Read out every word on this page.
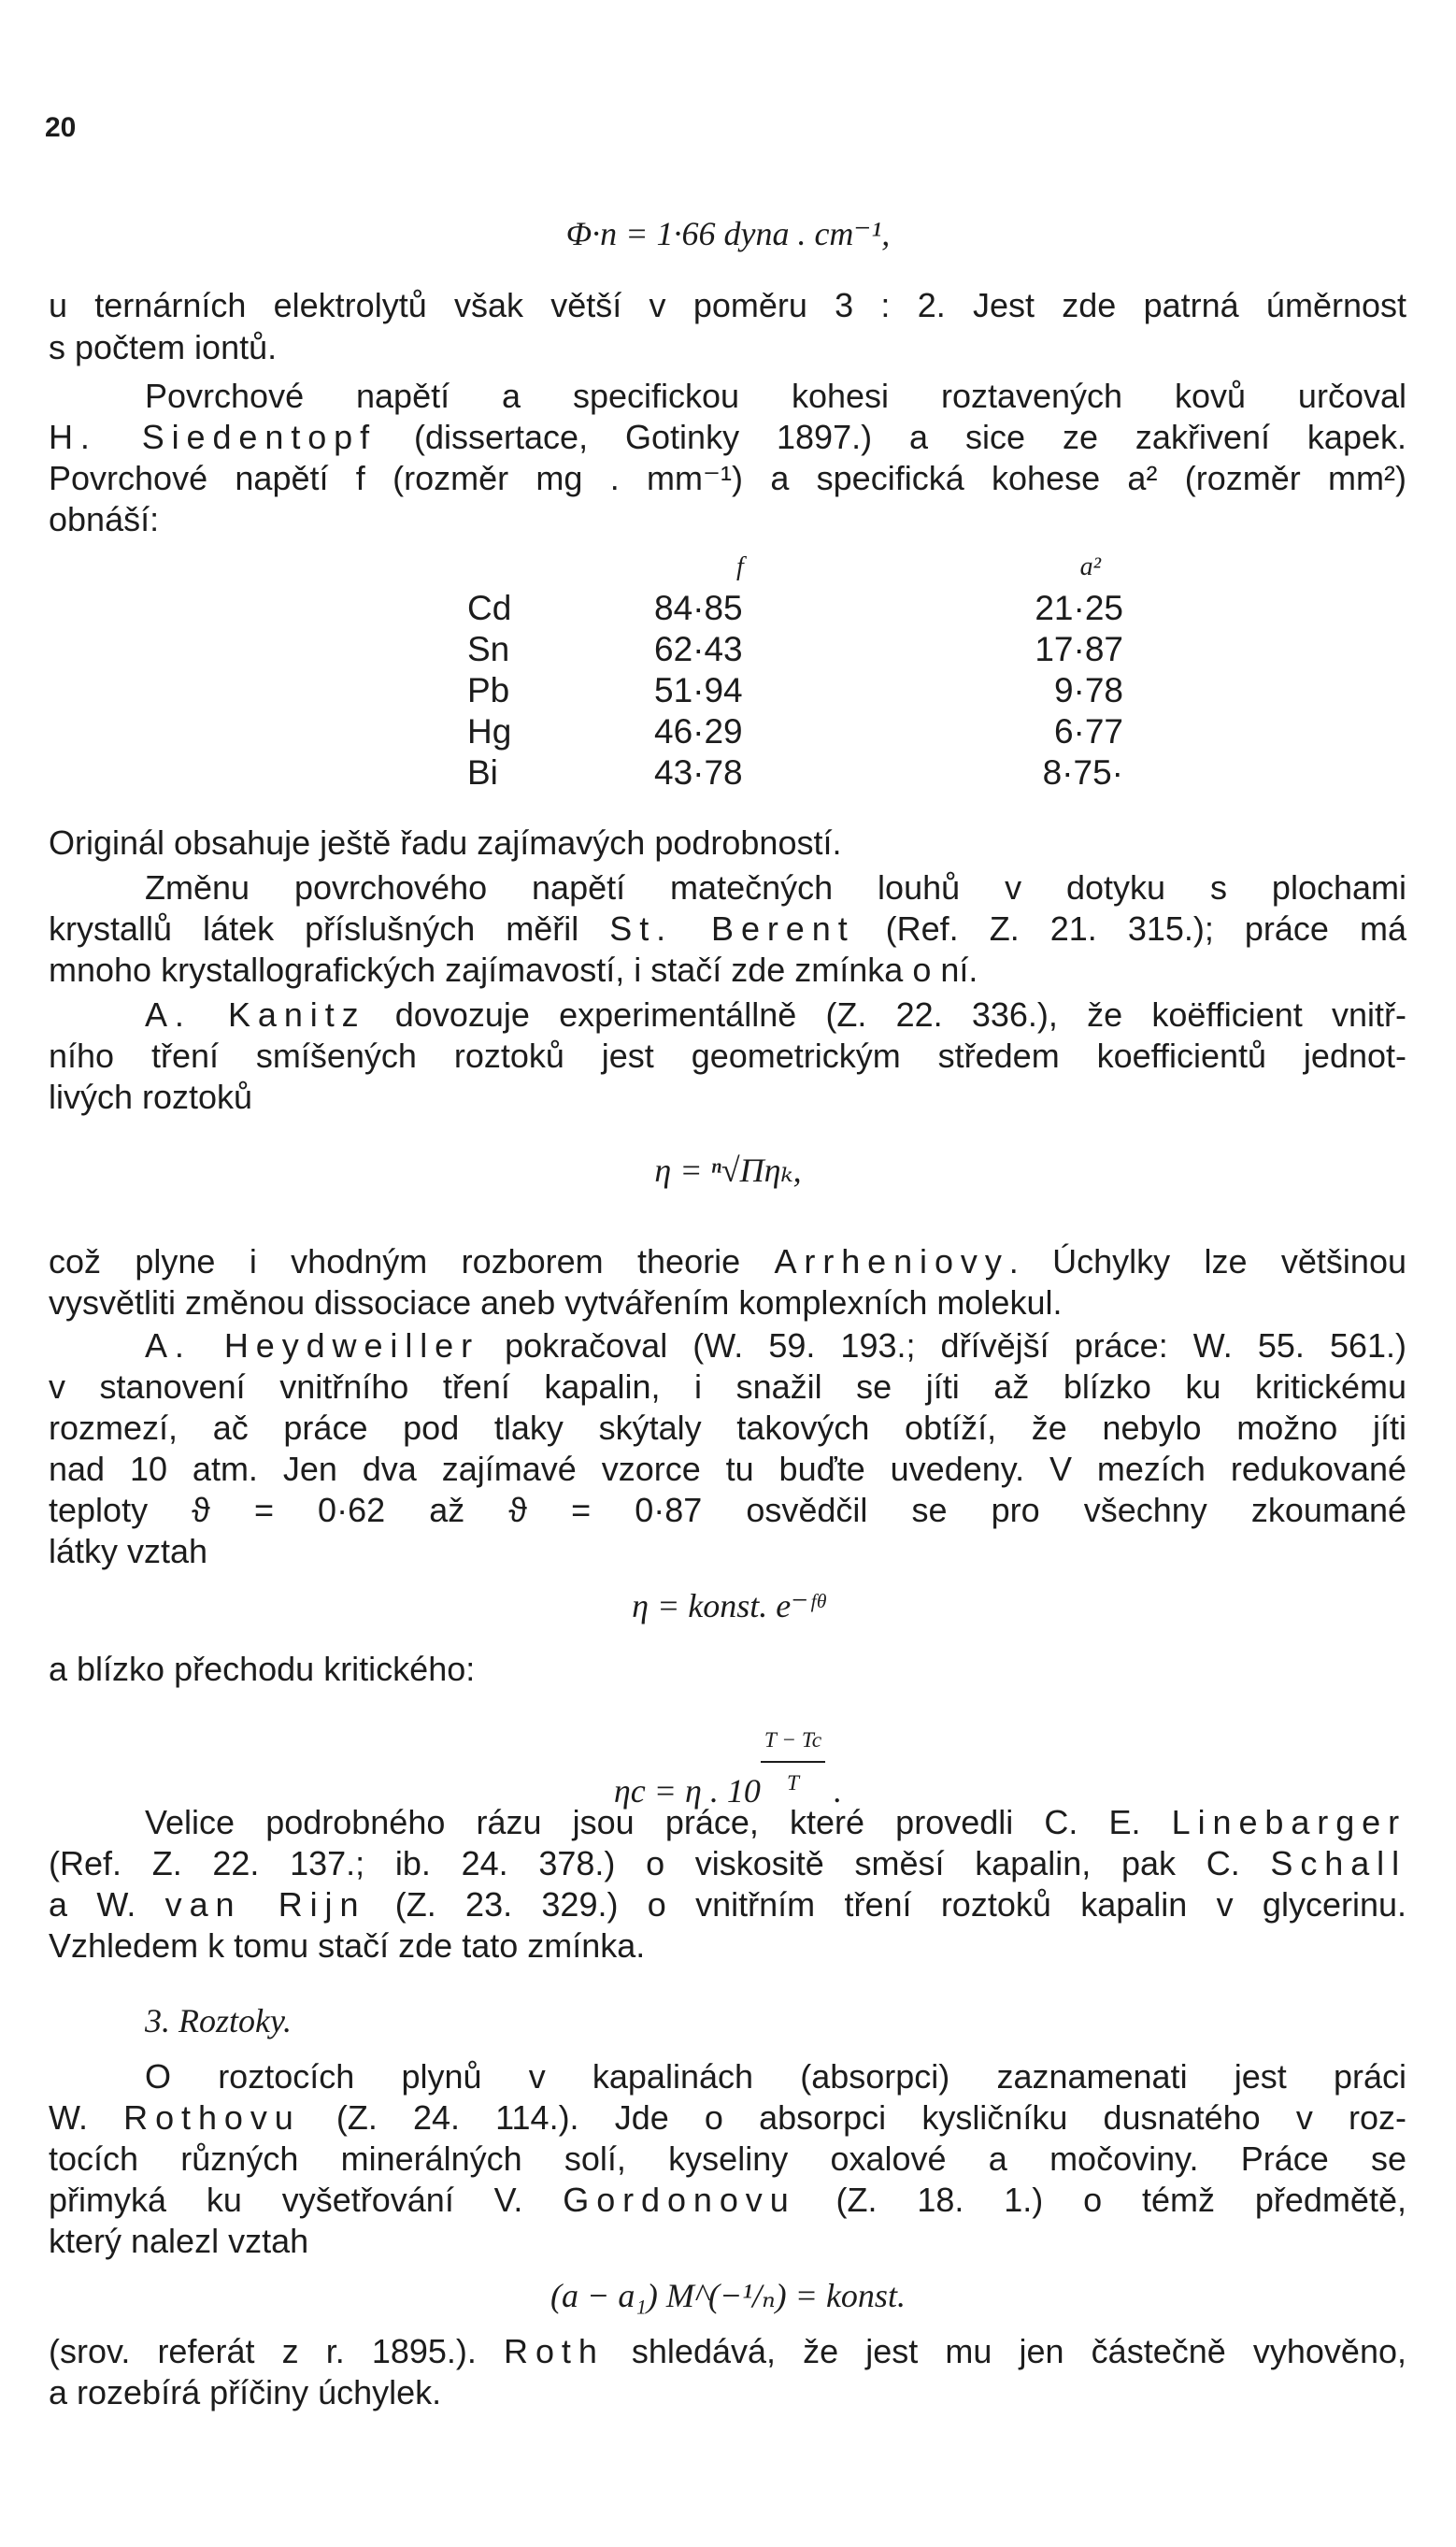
20
Φ·n = 1·66 dyna . cm⁻¹,
u ternárních elektrolytů však větší v poměru 3 : 2. Jest zde patrná úměrnost
s počtem iontů.
Povrchové napětí a specifickou kohesi roztavených kovů určoval
H. Siedentopf (dissertace, Gotinky 1897.) a sice ze zakřivení kapek.
Povrchové napětí f (rozměr mg . mm⁻¹) a specifická kohese a² (rozměr mm²)
obnáší:
	f	a²
Cd	84·85	21·25
Sn	62·43	17·87
Pb	51·94	9·78
Hg	46·29	6·77
Bi	43·78	8·75·
Originál obsahuje ještě řadu zajímavých podrobností.
Změnu povrchového napětí matečných louhů v dotyku s plochami
krystallů látek příslušných měřil St. Berent (Ref. Z. 21. 315.); práce má
mnoho krystallografických zajímavostí, i stačí zde zmínka o ní.
A. Kanitz dovozuje experimentállně (Z. 22. 336.), že koëfficient vnitř-
ního tření smíšených roztoků jest geometrickým středem koefficientů jednot-
livých roztoků
η = ⁿ√Πηₖ,
což plyne i vhodným rozborem theorie Arrheniovy. Úchylky lze většinou
vysvětliti změnou dissociace aneb vytvářením komplexních molekul.
A. Heydweiller pokračoval (W. 59. 193.; dřívější práce: W. 55. 561.)
v stanovení vnitřního tření kapalin, i snažil se jíti až blízko ku kritickému
rozmezí, ač práce pod tlaky skýtaly takových obtíží, že nebylo možno jíti
nad 10 atm. Jen dva zajímavé vzorce tu buďte uvedeny. V mezích redukované
teploty ϑ = 0·62 až ϑ = 0·87 osvědčil se pro všechny zkoumané
látky vztah
η = konst. e⁻ᶠᶿ
a blízko přechodu kritického:
ηc = η . $10 \frac{T - Tc}{T}$ .
Velice podrobného rázu jsou práce, které provedli C. E. Linebarger
(Ref. Z. 22. 137.; ib. 24. 378.) o viskositě směsí kapalin, pak C. Schall
a W. van Rijn (Z. 23. 329.) o vnitřním tření roztoků kapalin v glycerinu.
Vzhledem k tomu stačí zde tato zmínka.
3. Roztoky.
O roztocích plynů v kapalinách (absorpci) zaznamenati jest práci
W. Rothovu (Z. 24. 114.). Jde o absorpci kysličníku dusnatého v roz-
tocích různých minerálných solí, kyseliny oxalové a močoviny. Práce se
přimyká ku vyšetřování V. Gordonovu (Z. 18. 1.) o témž předmětě,
který nalezl vztah
(a − a₁) M^(−¹/ₙ) = konst.
(srov. referát z r. 1895.). Roth shledává, že jest mu jen částečně vyhověno,
a rozebírá příčiny úchylek.
